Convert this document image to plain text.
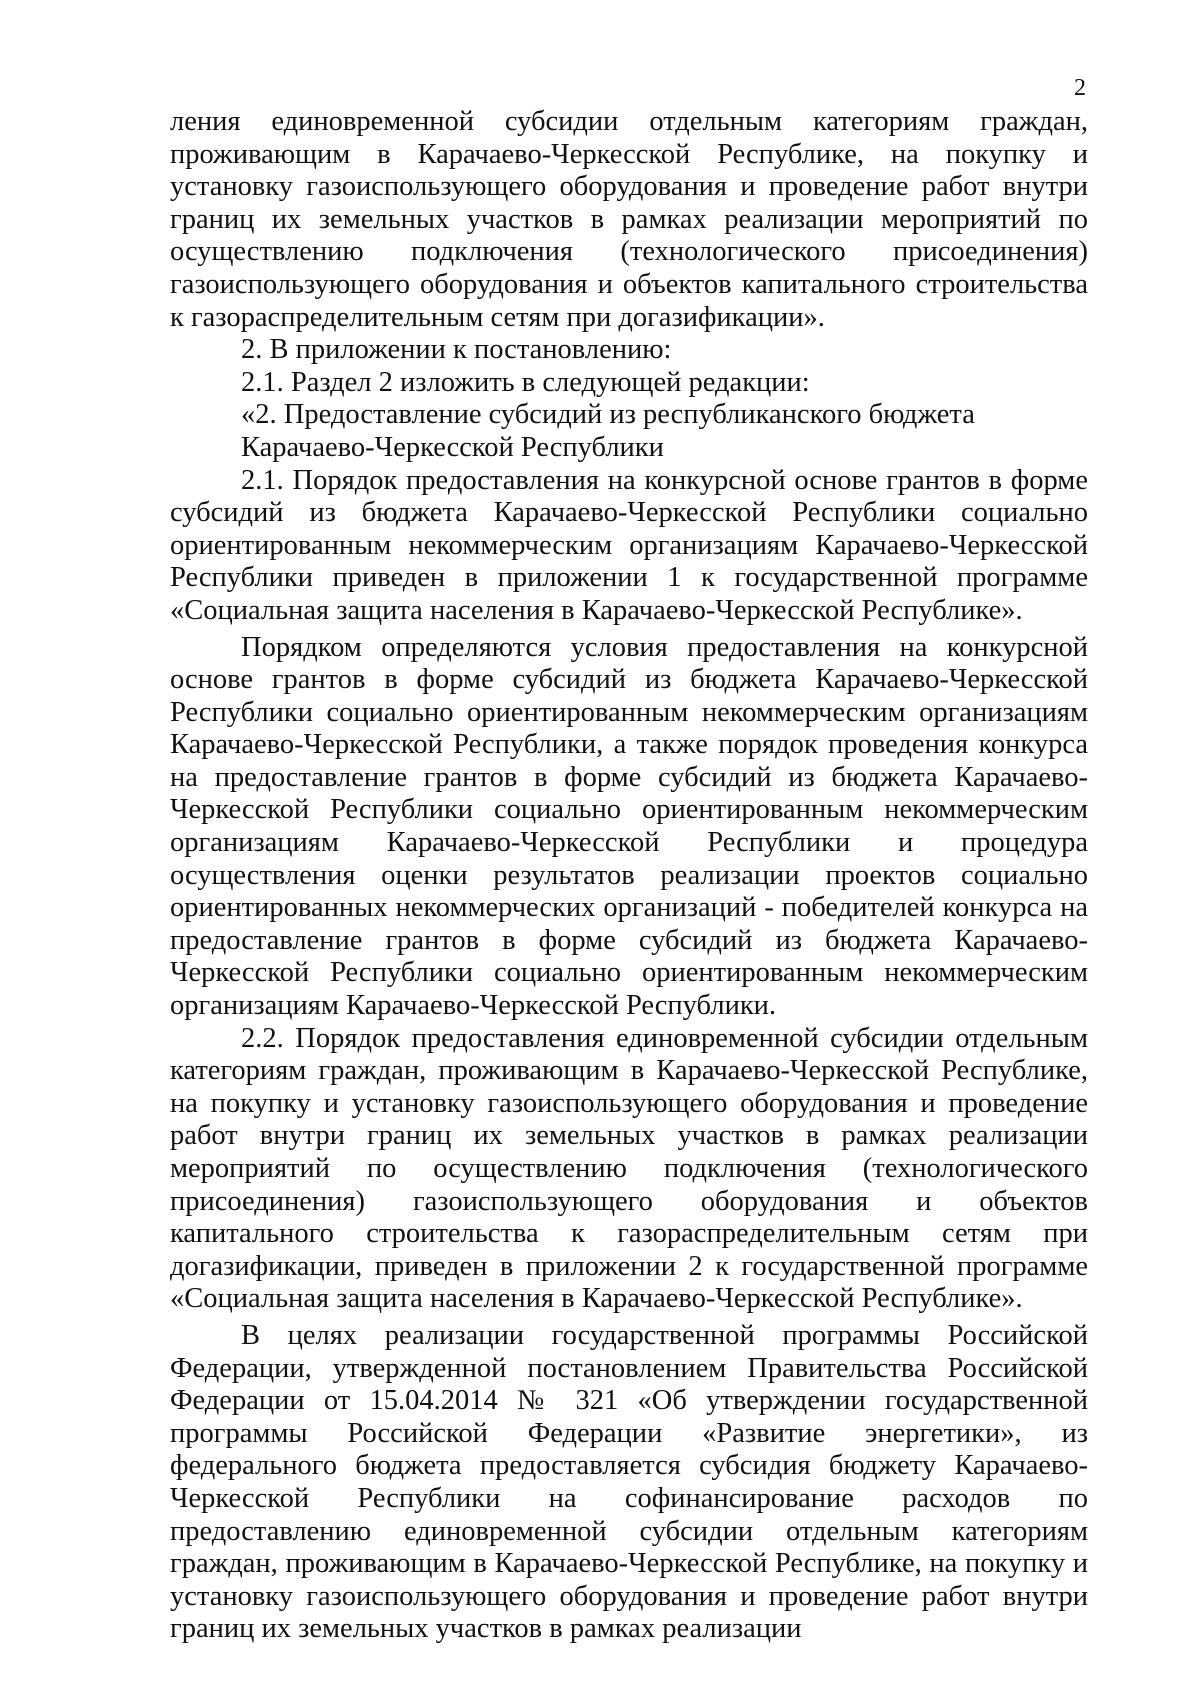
2

ления единовременной субсидии отдельным категориям граждан, проживающим в Карачаево-Черкесской Республике, на покупку и установку газоиспользующего оборудования и проведение работ внутри границ их земельных участков в рамках реализации мероприятий по осуществлению подключения (технологического присоединения) газоиспользующего оборудования и объектов капитального строительства к газораспределительным сетям при догазификации».

2. В приложении к постановлению:

2.1. Раздел 2 изложить в следующей редакции:

«2. Предоставление субсидий из республиканского бюджета Карачаево-Черкесской Республики

2.1. Порядок предоставления на конкурсной основе грантов в форме субсидий из бюджета Карачаево-Черкесской Республики социально ориентированным некоммерческим организациям Карачаево-Черкесской Республики приведен в приложении 1 к государственной программе «Социальная защита населения в Карачаево-Черкесской Республике».

Порядком определяются условия предоставления на конкурсной основе грантов в форме субсидий из бюджета Карачаево-Черкесской Республики социально ориентированным некоммерческим организациям Карачаево-Черкесской Республики, а также порядок проведения конкурса на предоставление грантов в форме субсидий из бюджета Карачаево-Черкесской Республики социально ориентированным некоммерческим организациям Карачаево-Черкесской Республики и процедура осуществления оценки результатов реализации проектов социально ориентированных некоммерческих организаций - победителей конкурса на предоставление грантов в форме субсидий из бюджета Карачаево-Черкесской Республики социально ориентированным некоммерческим организациям Карачаево-Черкесской Республики.

2.2. Порядок предоставления единовременной субсидии отдельным категориям граждан, проживающим в Карачаево-Черкесской Республике, на покупку и установку газоиспользующего оборудования и проведение работ внутри границ их земельных участков в рамках реализации мероприятий по осуществлению подключения (технологического присоединения) газоиспользующего оборудования и объектов капитального строительства к газораспределительным сетям при догазификации, приведен в приложении 2 к государственной программе «Социальная защита населения в Карачаево-Черкесской Республике».

В целях реализации государственной программы Российской Федерации, утвержденной постановлением Правительства Российской Федерации от 15.04.2014 № 321 «Об утверждении государственной программы Российской Федерации «Развитие энергетики», из федерального бюджета предоставляется субсидия бюджету Карачаево-Черкесской Республики на софинансирование расходов по предоставлению единовременной субсидии отдельным категориям граждан, проживающим в Карачаево-Черкесской Республике, на покупку и установку газоиспользующего оборудования и проведение работ внутри границ их земельных участков в рамках реализации
